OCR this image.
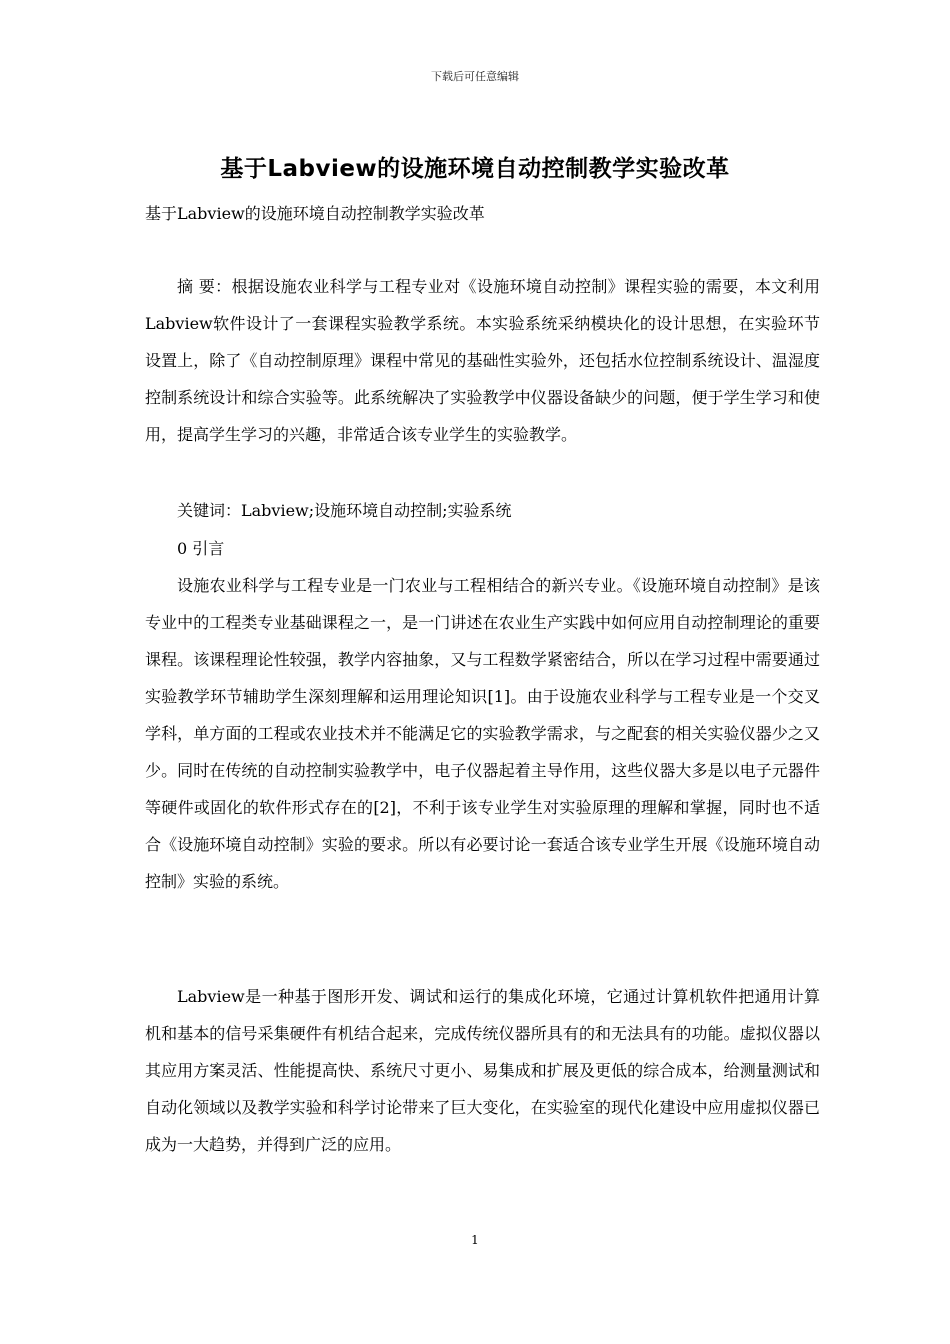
下载后可任意编辑
基于Labview的设施环境自动控制教学实验改革
基于Labview的设施环境自动控制教学实验改革

摘 要：根据设施农业科学与工程专业对《设施环境自动控制》课程实验的需要，本文利用Labview软件设计了一套课程实验教学系统。本实验系统采纳模块化的设计思想，在实验环节设置上，除了《自动控制原理》课程中常见的基础性实验外，还包括水位控制系统设计、温湿度控制系统设计和综合实验等。此系统解决了实验教学中仪器设备缺少的问题，便于学生学习和使用，提高学生学习的兴趣，非常适合该专业学生的实验教学。

关键词：Labview;设施环境自动控制;实验系统

0 引言

设施农业科学与工程专业是一门农业与工程相结合的新兴专业。《设施环境自动控制》是该专业中的工程类专业基础课程之一，是一门讲述在农业生产实践中如何应用自动控制理论的重要课程。该课程理论性较强，教学内容抽象，又与工程数学紧密结合，所以在学习过程中需要通过实验教学环节辅助学生深刻理解和运用理论知识[1]。由于设施农业科学与工程专业是一个交叉学科，单方面的工程或农业技术并不能满足它的实验教学需求，与之配套的相关实验仪器少之又少。同时在传统的自动控制实验教学中，电子仪器起着主导作用，这些仪器大多是以电子元器件等硬件或固化的软件形式存在的[2]，不利于该专业学生对实验原理的理解和掌握，同时也不适合《设施环境自动控制》实验的要求。所以有必要讨论一套适合该专业学生开展《设施环境自动控制》实验的系统。

Labview是一种基于图形开发、调试和运行的集成化环境，它通过计算机软件把通用计算机和基本的信号采集硬件有机结合起来，完成传统仪器所具有的和无法具有的功能。虚拟仪器以其应用方案灵活、性能提高快、系统尺寸更小、易集成和扩展及更低的综合成本，给测量测试和自动化领域以及教学实验和科学讨论带来了巨大变化，在实验室的现代化建设中应用虚拟仪器已成为一大趋势，并得到广泛的应用。

1
